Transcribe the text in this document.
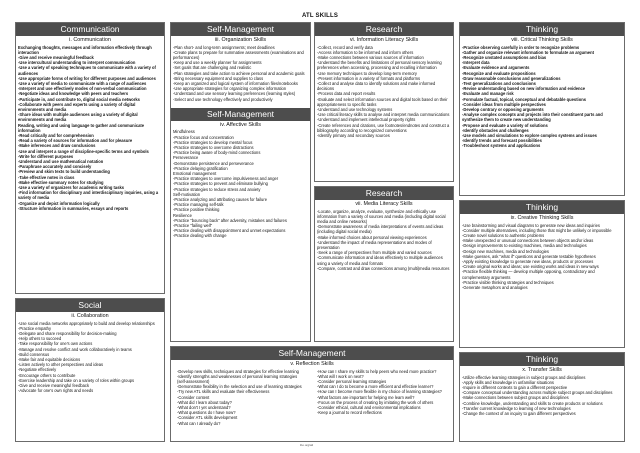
ATL SKILLS
Communication
i. Communication
Exchanging thoughts, messages and information effectively through interaction
-Give and receive meaningful feedback
-Use intercultural understanding to interpret communication
-Use a variety of speaking techniques to communicate with a variety of audiences
-Use appropriate forms of writing for different purposes and audiences
-Use a variety of media to communicate with a range of audiences
-Interpret and use effectively modes of non-verbal communication
-Negotiate ideas and knowledge with peers and teachers
-Participate in, and contribute to, digital social media networks
-Collaborate with peers and experts using a variety of digital environments and media
-Share ideas with multiple audiences using a variety of digital environments and media
Reading, writing and using language to gather and communicate information
-Read critically and for comprehension
-Read a variety of sources for information and for pleasure
-Make inferences and draw conclusions
-Use and interpret a range of discipline-specific terms and symbols
-Write for different purposes
-Understand and use mathematical notation
-Paraphrase accurately and concisely
-Preview and skim texts to build understanding
-Take effective notes in class
-Make effective summary notes for studying
-Use a variety of organizers for academic writing tasks
-Find information for disciplinary and interdisciplinary inquiries, using a variety of media
-Organize and depict information logically
-Structure information in summaries, essays and reports
Social
ii. Collaboration
-Use social media networks appropriately to build and develop relationships
-Practice empathy
-Delegate and share responsibility for decision-making
-Help others to succeed
-Take responsibility for one's own actions
-Manage and resolve conflict and work collaboratively in teams
-Build consensus
-Make fair and equitable decisions
-Listen actively to other perspectives and ideas
-Negotiate effectively
-Encourage others to contribute
-Exercise leadership and take on a variety of roles within groups
-Give and receive meaningful feedback
-Advocate for one's own rights and needs
Self-Management
iii. Organization Skills
-Plan short- and long-term assignments; meet deadlines
-Create plans to prepare for summative assessments (examinations and performances)
-Keep and use a weekly planner for assignments
-Set goals that are challenging and realistic
-Plan strategies and take action to achieve personal and academic goals
-Bring necessary equipment and supplies to class
-Keep an organized and logical system of information files/notebooks
-Use appropriate strategies for organizing complex information
-Understand and use sensory learning preferences (learning styles)
-Select and use technology effectively and productively
Self-Management
iv. Affective Skills
Mindfulness
-Practice focus and concentration
-Practice strategies to develop mental focus
-Practice strategies to overcome distractions
-Practice being aware of body-mind connections
Perseverance
-Demonstrate persistence and perseverance
-Practice delaying gratification
Emotional management
-Practice strategies to overcome impulsiveness and anger
-Practice strategies to prevent and eliminate bullying
-Practice strategies to reduce stress and anxiety
Self-motivation
-Practice analyzing and attributing causes for failure
-Practice managing self-talk
-Practice positive thinking
Resilience
-Practice "bouncing back" after adversity, mistakes and failures
-Practice "failing well"
-Practice dealing with disappointment and unmet expectations
-Practice dealing with change
Research
vi. Information Literacy Skills
-Collect, record and verify data
-Access information to be informed and inform others
-Make connections between various sources of information
-Understand the benefits and limitations of personal sensory learning preferences when accessing, processing and recalling information
-Use memory techniques to develop long-term memory
-Present information in a variety of formats and platforms
-Collect and analyse data to identify solutions and make informed decisions
-Process data and report results
-Evaluate and select information sources and digital tools based on their appropriateness to specific tasks
-Understand and use technology systems
-Use critical literacy skills to analyse and interpret media communications
-Understand and implement intellectual property rights
-Create references and citations, use footnotes/endnotes and construct a bibliography according to recognized conventions
-Identify primary and secondary sources
Research
vii. Media Literacy Skills
-Locate, organize, analyze, evaluate, synthesize and ethically use information from a variety of sources and media (including digital social media and online networks)
-Demonstrate awareness of media interpretations of events and ideas (including digital social media)
-Make informed choices about personal viewing experiences
-Understand the impact of media representations and modes of presentation
-Seek a range of perspectives from multiple and varied sources
-Communicate information and ideas effectively to multiple audiences using a variety of media and formats
-Compare, contrast and draw connections among (multi)media resources
Self-Management
v. Reflection Skills
-Develop new skills, techniques and strategies for effective learning
-Identify strengths and weaknesses of personal learning strategies (self-assessment)
-Demonstrate flexibility in the selection and use of learning strategies
-Try new ATL skills and evaluate their effectiveness
-Consider content
-What did I learn about today?
-What don't I yet understand?
-What questions do I have now?
-Consider ATL skills development
-What can I already do?
-How can I share my skills to help peers who need more practice?
-What will I work on next?
-Consider personal learning strategies
-What can I do to become a more efficient and effective learner?
-How can I become more flexible in my choice of learning strategies?
-What factors are important for helping me learn well?
-Focus on the process of creating by imitating the work of others
-Consider ethical, cultural and environmental implications
-Keep a journal to record reflections
Thinking
viii. Critical Thinking Skills
-Practice observing carefully in order to recognize problems
-Gather and organize relevant information to formulate an argument
-Recognize unstated assumptions and bias
-Interpret data
-Evaluate evidence and arguments
-Recognize and evaluate propositions
-Draw reasonable conclusions and generalizations
-Test generalizations and conclusions
-Revise understanding based on new information and evidence
-Evaluate and manage risk
-Formulate factual, topical, conceptual and debatable questions
-Consider ideas from multiple perspectives
-Develop contrary or opposing arguments
-Analyse complex concepts and projects into their constituent parts and synthesize them to create new understanding
-Propose and evaluate a variety of solutions
-Identify obstacles and challenges
-Use models and simulations to explore complex systems and issues
-Identify trends and forecast possibilities
-Troubleshoot systems and applications
Thinking
ix. Creative Thinking Skills
-Use brainstorming and visual diagrams to generate new ideas and inquiries
-Consider multiple alternatives, including those that might be unlikely or impossible
-Create novel solutions to authentic problems
-Make unexpected or unusual connections between objects and/or ideas
-Design improvements to existing machines, media and technologies
-Design new machines, media and technologies
-Make guesses, ask "what if" questions and generate testable hypotheses
-Apply existing knowledge to generate new ideas, products or processes
-Create original works and ideas; use existing works and ideas in new ways
-Practice flexible thinking — develop multiple opposing, contradictory and complementary arguments
-Practice visible thinking strategies and techniques
-Generate metaphors and analogies
Thinking
x. Transfer Skills
-Utilize effective learning strategies in subject groups and disciplines
-Apply skills and knowledge in unfamiliar situations
-Inquire in different contexts to gain a different perspective
-Compare conceptual understanding across multiple subject groups and disciplines
-Make connections between subject groups and disciplines
-Combine knowledge, understanding and skills to create products or solutions
-Transfer current knowledge to learning of new technologies
-Change the context of an inquiry to gain different perspectives
ibo.org/atl
